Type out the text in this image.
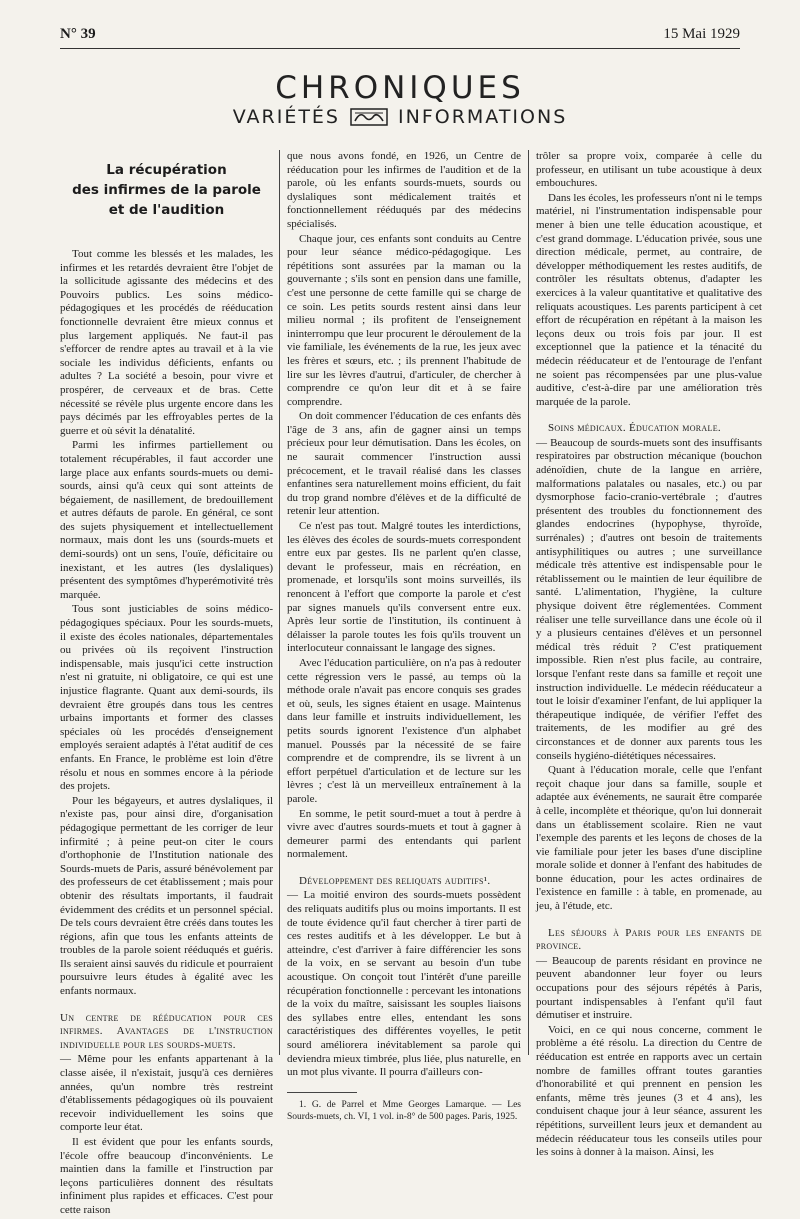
N° 39	15 Mai 1929
CHRONIQUES
VARIÉTÉS	INFORMATIONS
La récupération
des infirmes de la parole
et de l'audition

Tout comme les blessés et les malades, les infirmes et les retardés devraient être l'objet de la sollicitude agissante des médecins et des Pouvoirs publics. Les soins médico-pédagogiques et les procédés de rééducation fonctionnelle devraient être mieux connus et plus largement appliqués. Ne faut-il pas s'efforcer de rendre aptes au travail et à la vie sociale les individus déficients, enfants ou adultes ? La société a besoin, pour vivre et prospérer, de cerveaux et de bras. Cette nécessité se révèle plus urgente encore dans les pays décimés par les effroyables pertes de la guerre et où sévit la dénatalité.

Parmi les infirmes partiellement ou totalement récupérables, il faut accorder une large place aux enfants sourds-muets ou demi-sourds, ainsi qu'à ceux qui sont atteints de bégaiement, de nasillement, de bredouillement et autres défauts de parole. En général, ce sont des sujets physiquement et intellectuellement normaux, mais dont les uns (sourds-muets et demi-sourds) ont un sens, l'ouïe, déficitaire ou inexistant, et les autres (les dyslaliques) présentent des symptômes d'hyperémotivité très marquée.

Tous sont justiciables de soins médico-pédagogiques spéciaux. Pour les sourds-muets, il existe des écoles nationales, départementales ou privées où ils reçoivent l'instruction indispensable, mais jusqu'ici cette instruction n'est ni gratuite, ni obligatoire, ce qui est une injustice flagrante. Quant aux demi-sourds, ils devraient être groupés dans tous les centres urbains importants et former des classes spéciales où les procédés d'enseignement employés seraient adaptés à l'état auditif de ces enfants. En France, le problème est loin d'être résolu et nous en sommes encore à la période des projets.

Pour les bégayeurs, et autres dyslaliques, il n'existe pas, pour ainsi dire, d'organisation pédagogique permettant de les corriger de leur infirmité ; à peine peut-on citer le cours d'orthophonie de l'Institution nationale des Sourds-muets de Paris, assuré bénévolement par des professeurs de cet établissement ; mais pour obtenir des résultats importants, il faudrait évidemment des crédits et un personnel spécial. De tels cours devraient être créés dans toutes les régions, afin que tous les enfants atteints de troubles de la parole soient rééduqués et guéris. Ils seraient ainsi sauvés du ridicule et pourraient poursuivre leurs études à égalité avec les enfants normaux.

Un centre de rééducation pour ces infirmes. Avantages de l'instruction individuelle pour les sourds-muets.

— Même pour les enfants appartenant à la classe aisée, il n'existait, jusqu'à ces dernières années, qu'un nombre très restreint d'établissements pédagogiques où ils pouvaient recevoir individuellement les soins que comporte leur état.

Il est évident que pour les enfants sourds, l'école offre beaucoup d'inconvénients. Le maintien dans la famille et l'instruction par leçons particulières donnent des résultats infiniment plus rapides et efficaces. C'est pour cette raison

que nous avons fondé, en 1926, un Centre de rééducation pour les infirmes de l'audition et de la parole, où les enfants sourds-muets, sourds ou dyslaliques sont médicalement traités et fonctionnellement rééduqués par des médecins spécialisés.

Chaque jour, ces enfants sont conduits au Centre pour leur séance médico-pédagogique. Les répétitions sont assurées par la maman ou la gouvernante ; s'ils sont en pension dans une famille, c'est une personne de cette famille qui se charge de ce soin. Les petits sourds restent ainsi dans leur milieu normal ; ils profitent de l'enseignement ininterrompu que leur procurent le déroulement de la vie familiale, les événements de la rue, les jeux avec les frères et sœurs, etc. ; ils prennent l'habitude de lire sur les lèvres d'autrui, d'articuler, de chercher à comprendre ce qu'on leur dit et à se faire comprendre.

On doit commencer l'éducation de ces enfants dès l'âge de 3 ans, afin de gagner ainsi un temps précieux pour leur démutisation. Dans les écoles, on ne saurait commencer l'instruction aussi précocement, et le travail réalisé dans les classes enfantines sera naturellement moins efficient, du fait du trop grand nombre d'élèves et de la difficulté de retenir leur attention.

Ce n'est pas tout. Malgré toutes les interdictions, les élèves des écoles de sourds-muets correspondent entre eux par gestes. Ils ne parlent qu'en classe, devant le professeur, mais en récréation, en promenade, et lorsqu'ils sont moins surveillés, ils renoncent à l'effort que comporte la parole et c'est par signes manuels qu'ils conversent entre eux. Après leur sortie de l'institution, ils continuent à délaisser la parole toutes les fois qu'ils trouvent un interlocuteur connaissant le langage des signes.

Avec l'éducation particulière, on n'a pas à redouter cette régression vers le passé, au temps où la méthode orale n'avait pas encore conquis ses grades et où, seuls, les signes étaient en usage. Maintenus dans leur famille et instruits individuellement, les petits sourds ignorent l'existence d'un alphabet manuel. Poussés par la nécessité de se faire comprendre et de comprendre, ils se livrent à un effort perpétuel d'articulation et de lecture sur les lèvres ; c'est là un merveilleux entraînement à la parole.

En somme, le petit sourd-muet a tout à perdre à vivre avec d'autres sourds-muets et tout à gagner à demeurer parmi des entendants qui parlent normalement.

Développement des reliquats auditifs¹.

— La moitié environ des sourds-muets possèdent des reliquats auditifs plus ou moins importants. Il est de toute évidence qu'il faut chercher à tirer parti de ces restes auditifs et à les développer. Le but à atteindre, c'est d'arriver à faire différencier les sons de la voix, en se servant au besoin d'un tube acoustique. On conçoit tout l'intérêt d'une pareille récupération fonctionnelle : percevant les intonations de la voix du maître, saisissant les souples liaisons des syllabes entre elles, entendant les sons caractéristiques des différentes voyelles, le petit sourd améliorera inévitablement sa parole qui deviendra mieux timbrée, plus liée, plus naturelle, en un mot plus vivante. Il pourra d'ailleurs con-

1. G. de Parrel et Mme Georges Lamarque. — Les Sourds-muets, ch. VI, 1 vol. in-8° de 500 pages. Paris, 1925.

trôler sa propre voix, comparée à celle du professeur, en utilisant un tube acoustique à deux embouchures.

Dans les écoles, les professeurs n'ont ni le temps matériel, ni l'instrumentation indispensable pour mener à bien une telle éducation acoustique, et c'est grand dommage. L'éducation privée, sous une direction médicale, permet, au contraire, de développer méthodiquement les restes auditifs, de contrôler les résultats obtenus, d'adapter les exercices à la valeur quantitative et qualitative des reliquats acoustiques. Les parents participent à cet effort de récupération en répétant à la maison les leçons deux ou trois fois par jour. Il est exceptionnel que la patience et la ténacité du médecin rééducateur et de l'entourage de l'enfant ne soient pas récompensées par une plus-value auditive, c'est-à-dire par une amélioration très marquée de la parole.

Soins médicaux. Éducation morale.

— Beaucoup de sourds-muets sont des insuffisants respiratoires par obstruction mécanique (bouchon adénoïdien, chute de la langue en arrière, malformations palatales ou nasales, etc.) ou par dysmorphose facio-cranio-vertébrale ; d'autres présentent des troubles du fonctionnement des glandes endocrines (hypophyse, thyroïde, surrénales) ; d'autres ont besoin de traitements antisyphilitiques ou autres ; une surveillance médicale très attentive est indispensable pour le rétablissement ou le maintien de leur équilibre de santé. L'alimentation, l'hygiène, la culture physique doivent être réglementées. Comment réaliser une telle surveillance dans une école où il y a plusieurs centaines d'élèves et un personnel médical très réduit ? C'est pratiquement impossible. Rien n'est plus facile, au contraire, lorsque l'enfant reste dans sa famille et reçoit une instruction individuelle. Le médecin rééducateur a tout le loisir d'examiner l'enfant, de lui appliquer la thérapeutique indiquée, de vérifier l'effet des traitements, de les modifier au gré des circonstances et de donner aux parents tous les conseils hygiéno-diététiques nécessaires.

Quant à l'éducation morale, celle que l'enfant reçoit chaque jour dans sa famille, souple et adaptée aux événements, ne saurait être comparée à celle, incomplète et théorique, qu'on lui donnerait dans un établissement scolaire. Rien ne vaut l'exemple des parents et les leçons de choses de la vie familiale pour jeter les bases d'une discipline morale solide et donner à l'enfant des habitudes de bonne éducation, pour les actes ordinaires de l'existence en famille : à table, en promenade, au jeu, à l'étude, etc.

Les séjours à Paris pour les enfants de province.

— Beaucoup de parents résidant en province ne peuvent abandonner leur foyer ou leurs occupations pour des séjours répétés à Paris, pourtant indispensables à l'enfant qu'il faut démutiser et instruire.

Voici, en ce qui nous concerne, comment le problème a été résolu. La direction du Centre de rééducation est entrée en rapports avec un certain nombre de familles offrant toutes garanties d'honorabilité et qui prennent en pension les enfants, même très jeunes (3 et 4 ans), les conduisent chaque jour à leur séance, assurent les répétitions, surveillent leurs jeux et demandent au médecin rééducateur tous les conseils utiles pour les soins à donner à la maison. Ainsi, les
